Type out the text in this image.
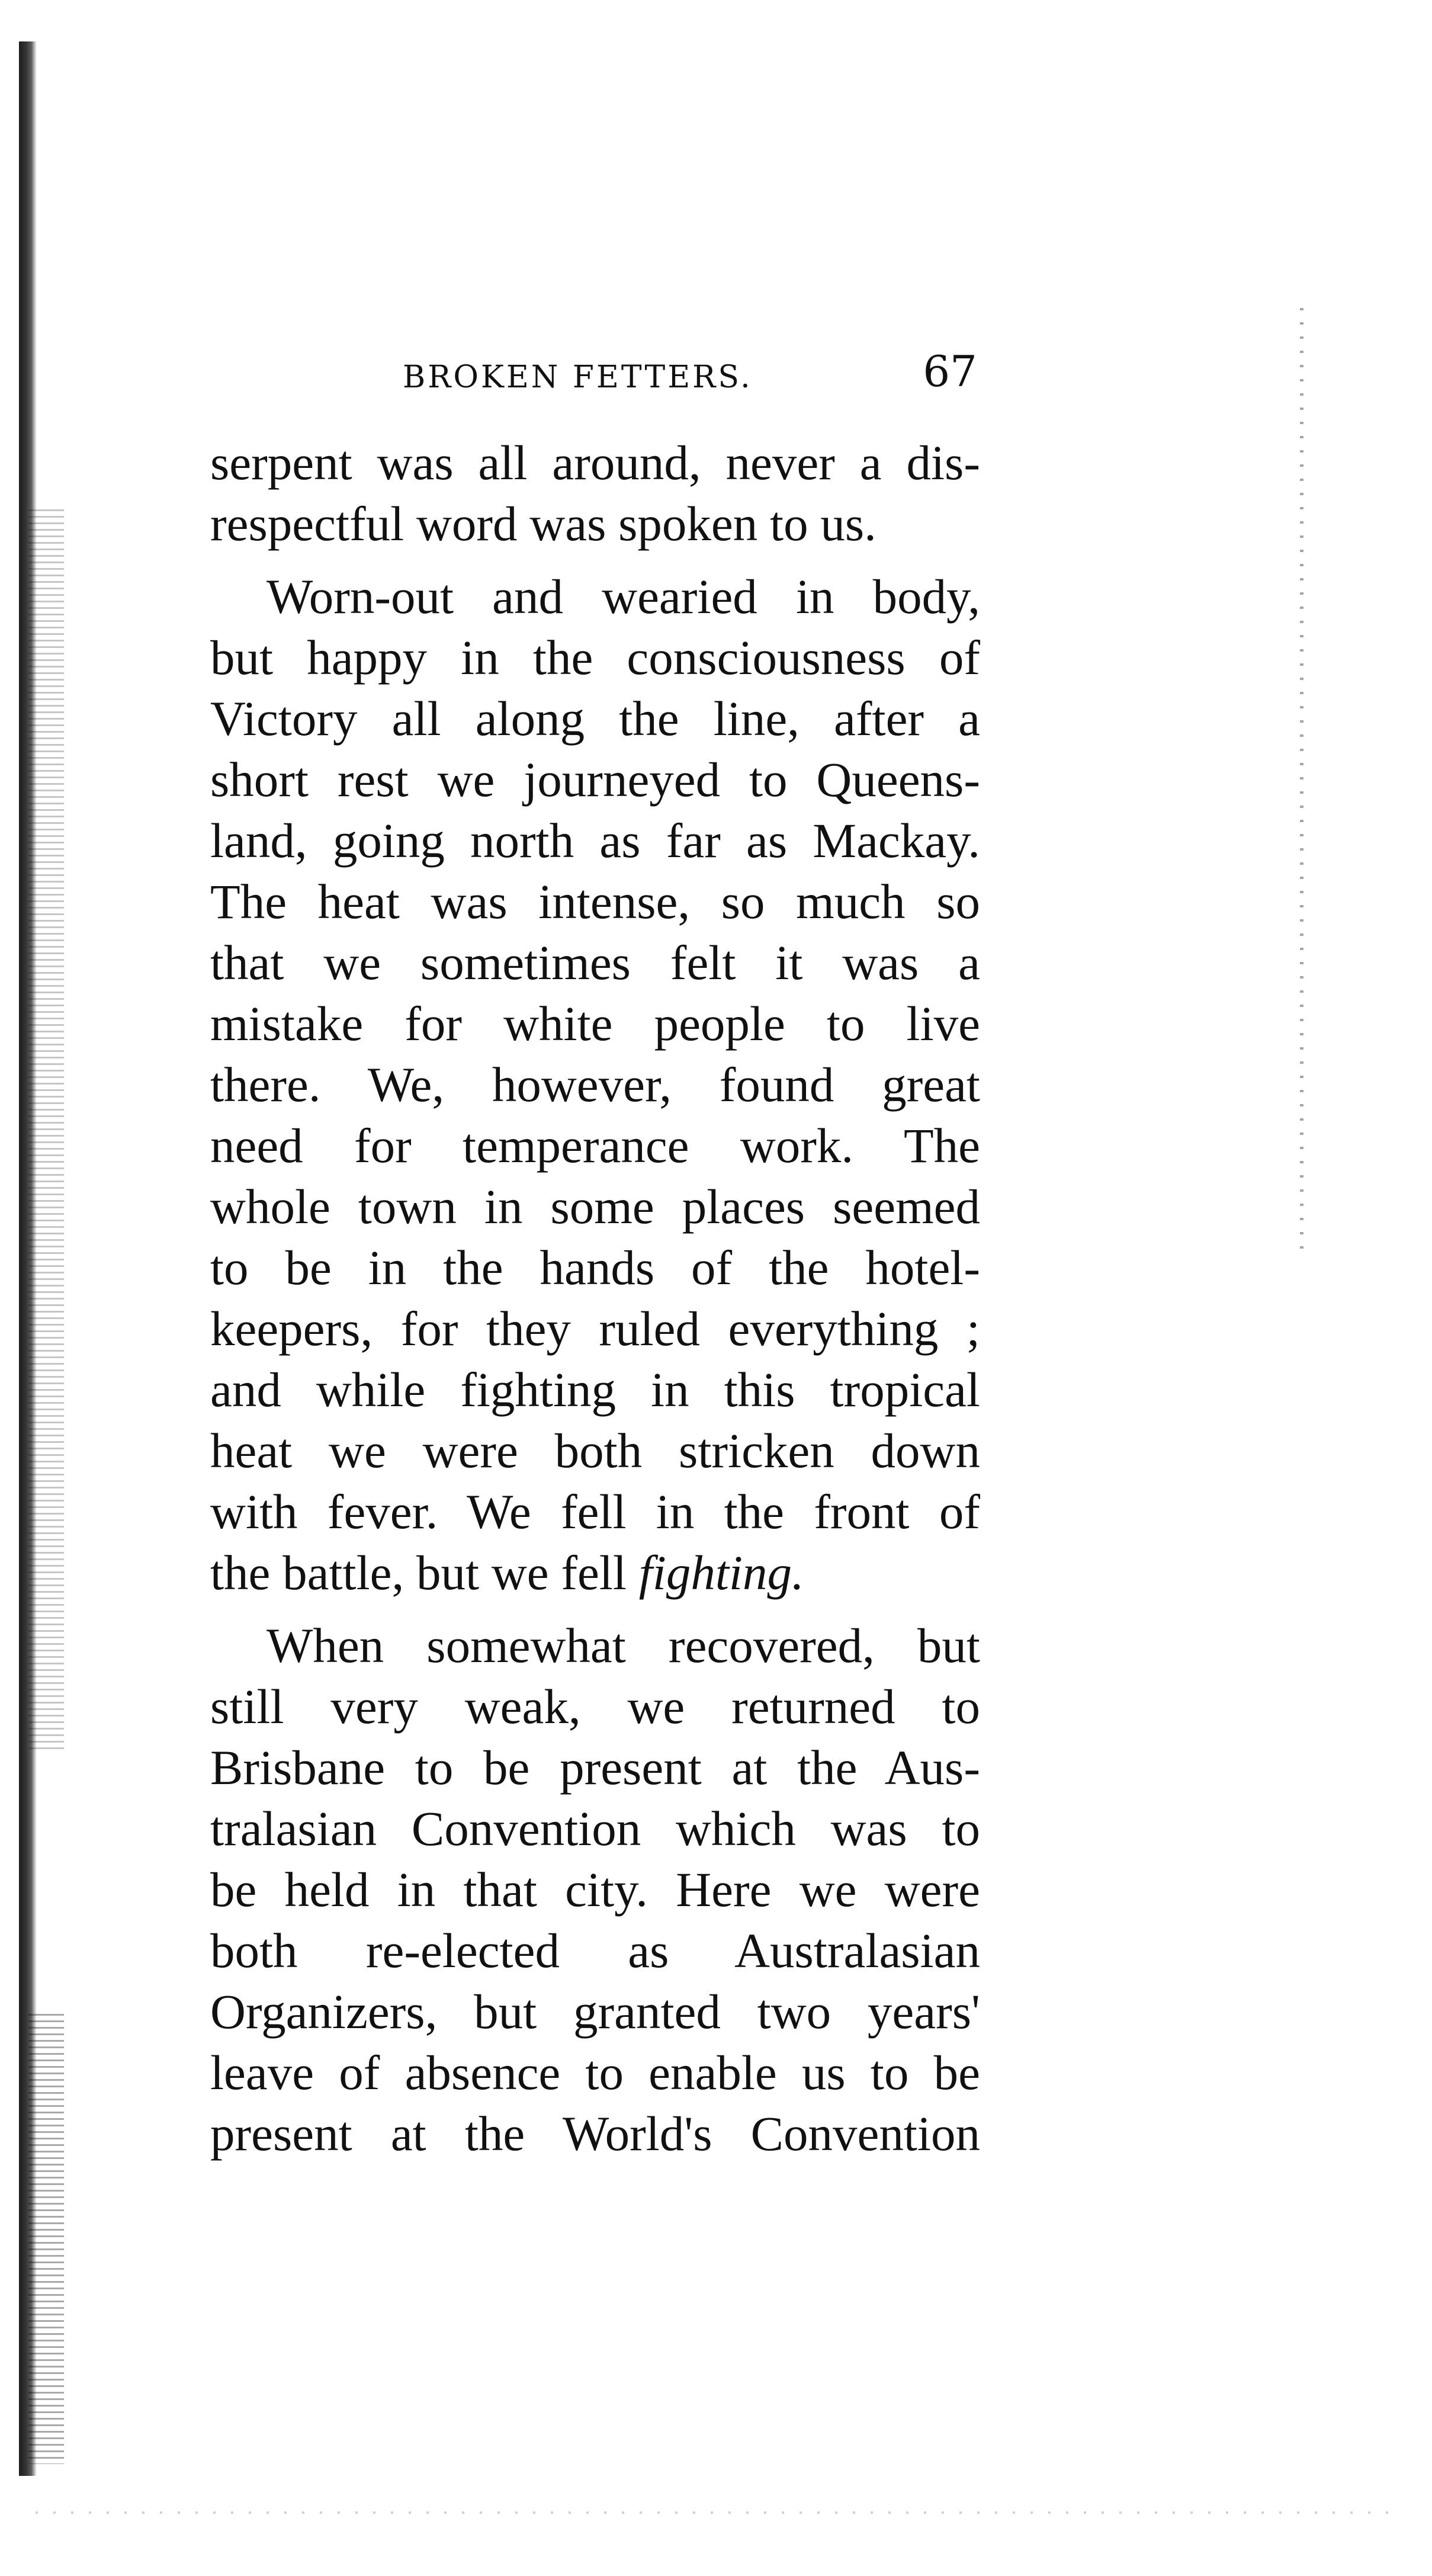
BROKEN FETTERS.	67
serpent was all around, never a dis-
respectful word was spoken to us.
Worn-out and wearied in body,
but happy in the consciousness of
Victory all along the line, after a
short rest we journeyed to Queens-
land, going north as far as Mackay.
The heat was intense, so much so
that we sometimes felt it was a
mistake for white people to live
there. We, however, found great
need for temperance work. The
whole town in some places seemed
to be in the hands of the hotel-
keepers, for they ruled everything ;
and while fighting in this tropical
heat we were both stricken down
with fever. We fell in the front of
the battle, but we fell fighting.
When somewhat recovered, but
still very weak, we returned to
Brisbane to be present at the Aus-
tralasian Convention which was to
be held in that city. Here we were
both re-elected as Australasian
Organizers, but granted two years'
leave of absence to enable us to be
present at the World's Convention
